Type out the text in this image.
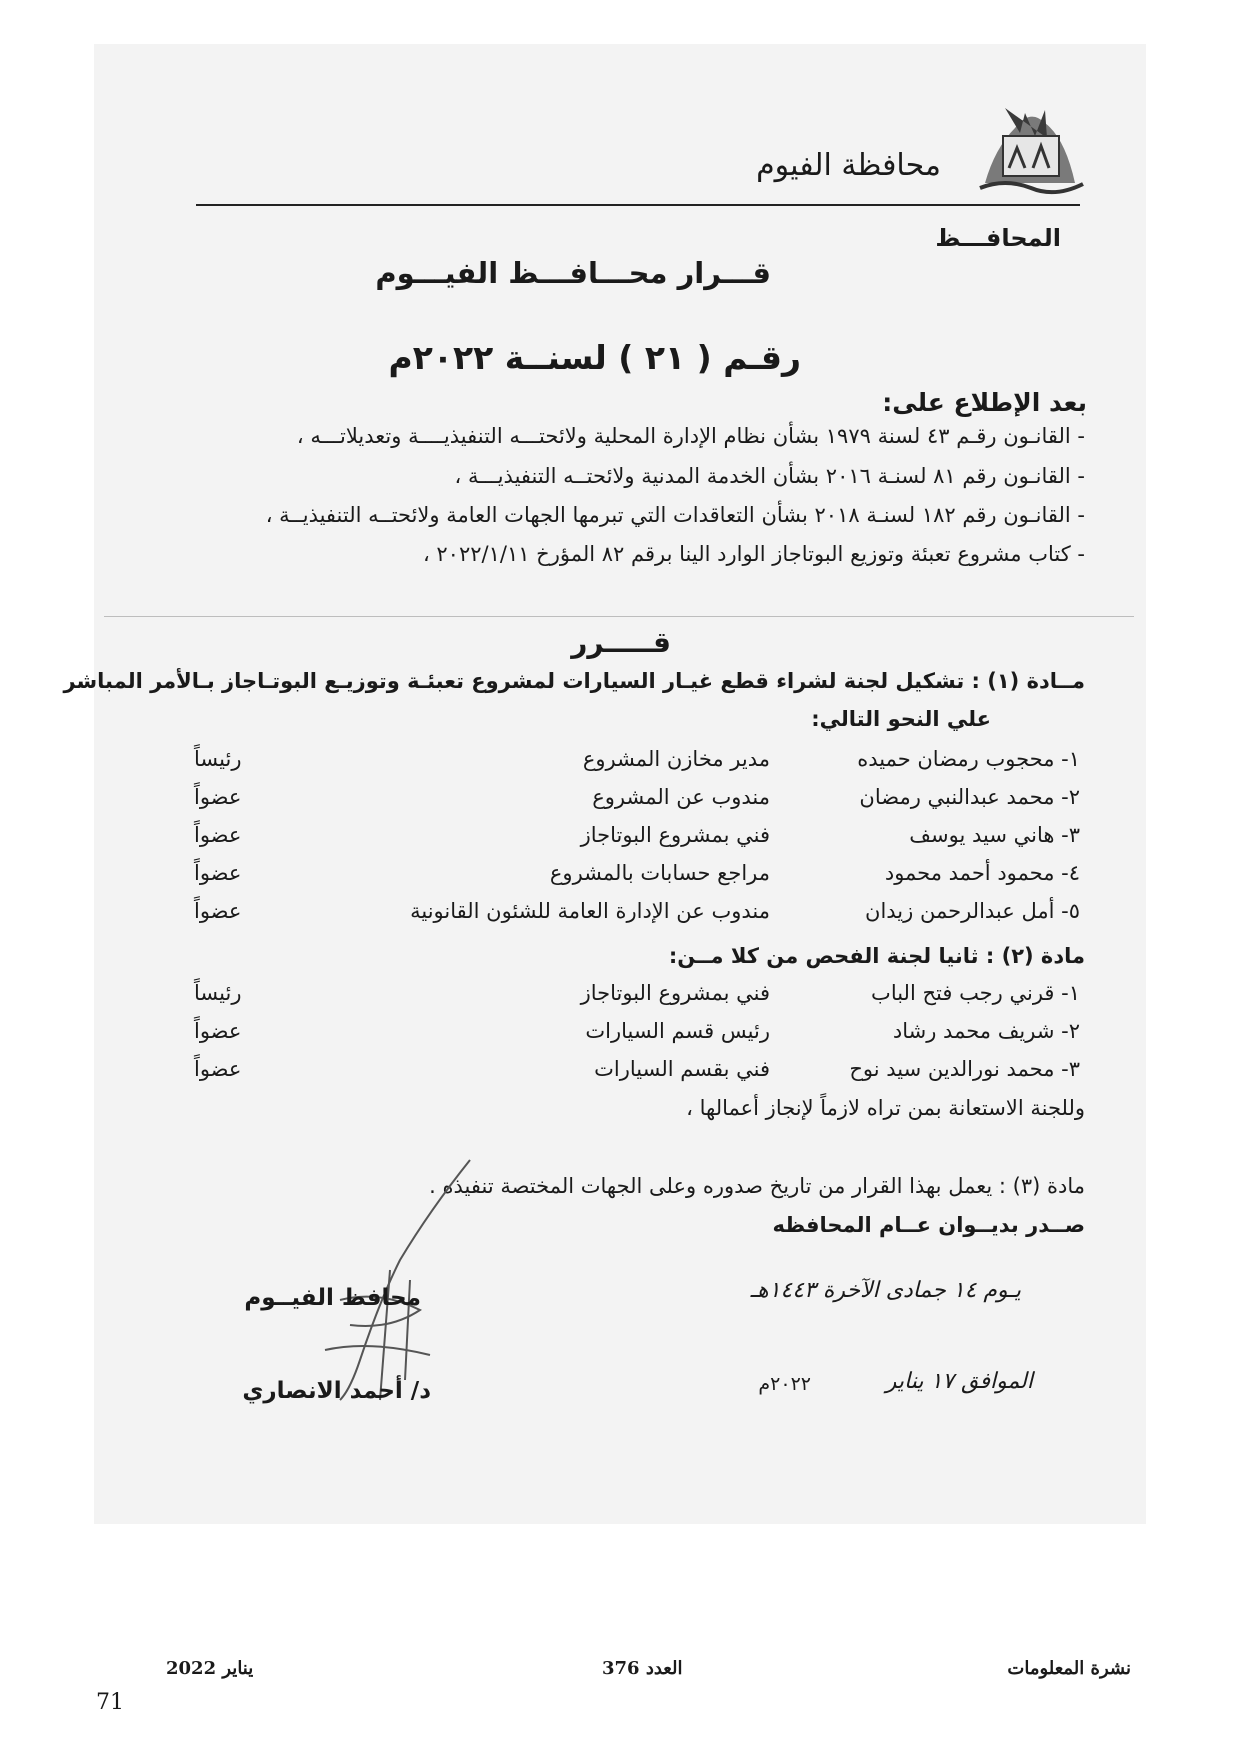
محافظة الفيوم
المحافـــظ
قـــرار محـــافـــظ الفيـــوم
رقـم ( ٢١ ) لسنــة ٢٠٢٢م
بعد الإطلاع على:
- القانـون رقـم ٤٣ لسنة ١٩٧٩ بشأن نظام الإدارة المحلية ولائحتـــه التنفيذيــــة وتعديلاتـــه ،
- القانـون رقم ٨١ لسنـة ٢٠١٦ بشأن الخدمة المدنية ولائحتــه التنفيذيـــة ،
- القانـون رقم ١٨٢ لسنـة ٢٠١٨ بشأن التعاقدات التي تبرمها الجهات العامة ولائحتــه التنفيذيــة ،
- كتاب مشروع تعبئة وتوزيع البوتاجاز الوارد الينا برقم ٨٢ المؤرخ ٢٠٢٢/١/١١ ،
قـــــرر
مــادة (١) : تشكيل لجنة لشراء قطع غيـار السيارات لمشروع تعبئـة وتوزيـع البوتـاجاز بـالأمر المباشر
علي النحو التالي:
١- محجوب رمضان حميده
مدير مخازن المشروع
رئيساً
٢- محمد عبدالنبي رمضان
مندوب عن المشروع
عضواً
٣- هاني سيد يوسف
فني بمشروع البوتاجاز
عضواً
٤- محمود أحمد محمود
مراجع حسابات بالمشروع
عضواً
٥- أمل عبدالرحمن زيدان
مندوب عن الإدارة العامة للشئون القانونية
عضواً
مادة (٢) : ثانيا لجنة الفحص من كلا مــن:
١- قرني رجب فتح الباب
فني بمشروع البوتاجاز
رئيساً
٢- شريف محمد رشاد
رئيس قسم السيارات
عضواً
٣- محمد نورالدين سيد نوح
فني بقسم السيارات
عضواً
وللجنة الاستعانة بمن تراه لازماً لإنجاز أعمالها ،
مادة (٣) : يعمل بهذا القرار من تاريخ صدوره وعلى الجهات المختصة تنفيذه .
صــدر بديــوان عــام المحافظه
يـوم ١٤ جمادى الآخرة ١٤٤٣هـ
الموافق ١٧ يناير
٢٠٢٢م
محافظ الفيــوم
د/ أحمد الانصاري
نشرة المعلومات
العدد 376
يناير 2022
71
